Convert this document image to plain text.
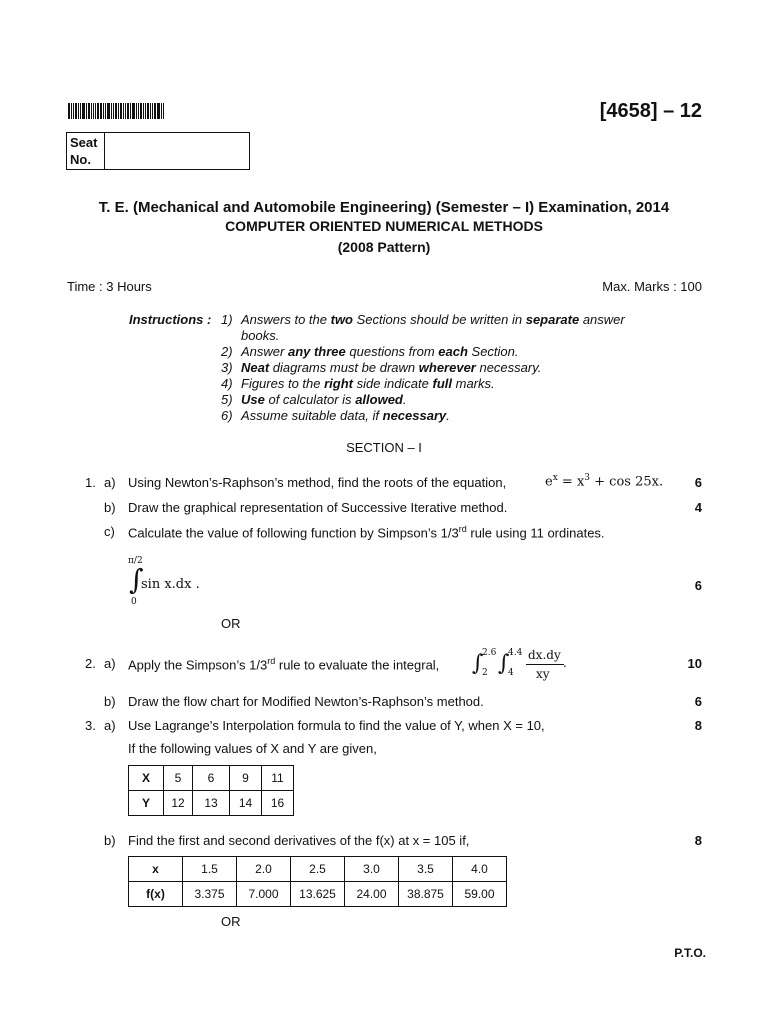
[4658] – 12
Seat
No.
T. E. (Mechanical and Automobile Engineering) (Semester – I) Examination, 2014
COMPUTER ORIENTED NUMERICAL METHODS
(2008 Pattern)
Time : 3 Hours	Max. Marks : 100
Instructions : 1) Answers to the two Sections should be written in separate answer
books.
2) Answer any three questions from each Section.
3) Neat diagrams must be drawn wherever necessary.
4) Figures to the right side indicate full marks.
5) Use of calculator is allowed.
6) Assume suitable data, if necessary.
SECTION – I
1. a) Using Newton’s-Raphson’s method, find the roots of the equation,	$e^x = x^3 + \cos 25x$.	6
b) Draw the graphical representation of Successive Iterative method.	4
c) Calculate the value of following function by Simpson’s 1/3rd rule using 11 ordinates.
π/2
∫
0
sin x.dx .	6
OR
2. a) Apply the Simpson’s 1/3rd rule to evaluate the integral, ∫
2.6
2 ∫
4.4
4
dx.dy
xy
.	10
b) Draw the flow chart for Modified Newton’s-Raphson’s method.	6
3. a) Use Lagrange’s Interpolation formula to find the value of Y, when X = 10,	8
If the following values of X and Y are given,
X	5	6	9	11
Y	12	13	14	16
b) Find the first and second derivatives of the f(x) at x = 105 if,	8
x	1.5	2.0	2.5	3.0	3.5	4.0
f(x)	3.375	7.000	13.625	24.00	38.875	59.00
OR
P.T.O.
